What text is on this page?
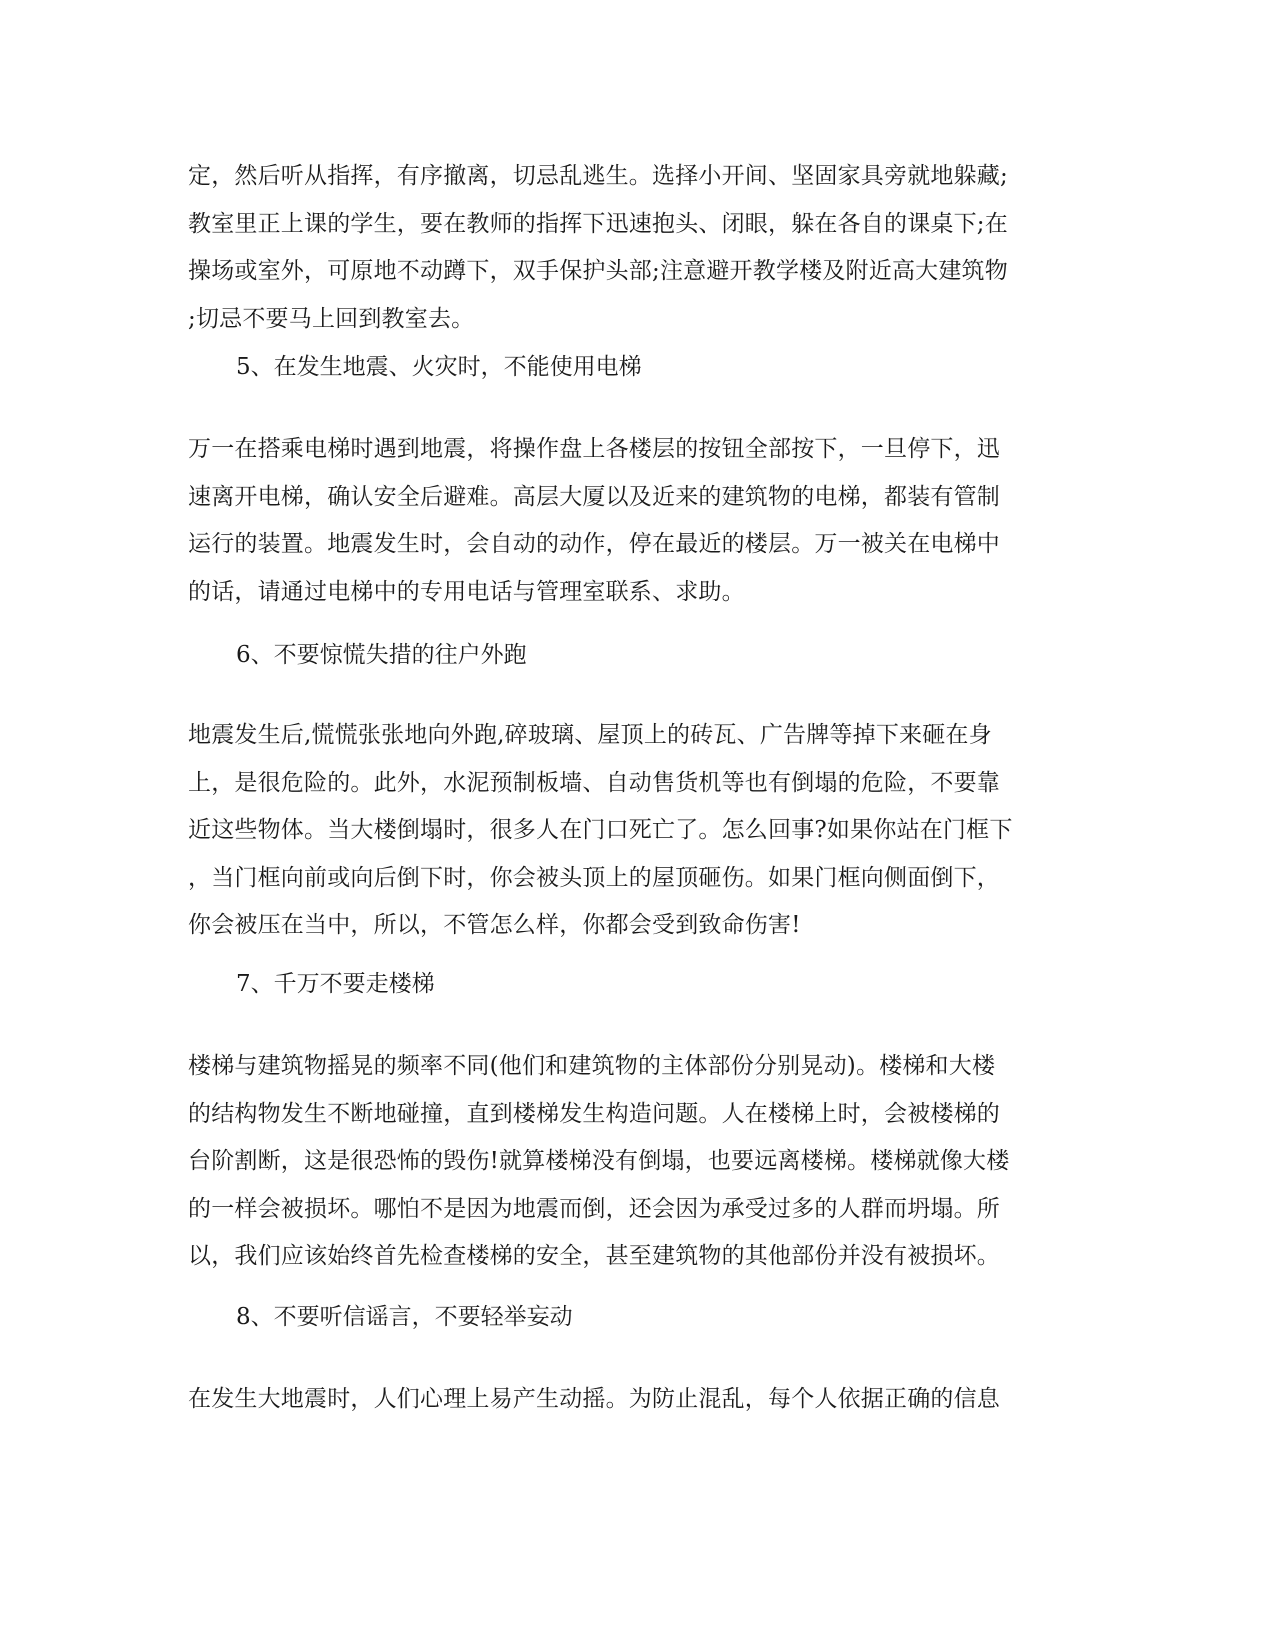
定，然后听从指挥，有序撤离，切忌乱逃生。选择小开间、坚固家具旁就地躲藏;
教室里正上课的学生，要在教师的指挥下迅速抱头、闭眼，躲在各自的课桌下;在
操场或室外，可原地不动蹲下，双手保护头部;注意避开教学楼及附近高大建筑物
;切忌不要马上回到教室去。

5、在发生地震、火灾时，不能使用电梯

万一在搭乘电梯时遇到地震，将操作盘上各楼层的按钮全部按下，一旦停下，迅
速离开电梯，确认安全后避难。高层大厦以及近来的建筑物的电梯，都装有管制
运行的装置。地震发生时，会自动的动作，停在最近的楼层。万一被关在电梯中
的话，请通过电梯中的专用电话与管理室联系、求助。

6、不要惊慌失措的往户外跑

地震发生后,慌慌张张地向外跑,碎玻璃、屋顶上的砖瓦、广告牌等掉下来砸在身
上，是很危险的。此外，水泥预制板墙、自动售货机等也有倒塌的危险，不要靠
近这些物体。当大楼倒塌时，很多人在门口死亡了。怎么回事?如果你站在门框下
，当门框向前或向后倒下时，你会被头顶上的屋顶砸伤。如果门框向侧面倒下，
你会被压在当中，所以，不管怎么样，你都会受到致命伤害!

7、千万不要走楼梯

楼梯与建筑物摇晃的频率不同(他们和建筑物的主体部份分别晃动)。楼梯和大楼
的结构物发生不断地碰撞，直到楼梯发生构造问题。人在楼梯上时，会被楼梯的
台阶割断，这是很恐怖的毁伤!就算楼梯没有倒塌，也要远离楼梯。楼梯就像大楼
的一样会被损坏。哪怕不是因为地震而倒，还会因为承受过多的人群而坍塌。所
以，我们应该始终首先检查楼梯的安全，甚至建筑物的其他部份并没有被损坏。

8、不要听信谣言，不要轻举妄动

在发生大地震时，人们心理上易产生动摇。为防止混乱，每个人依据正确的信息
